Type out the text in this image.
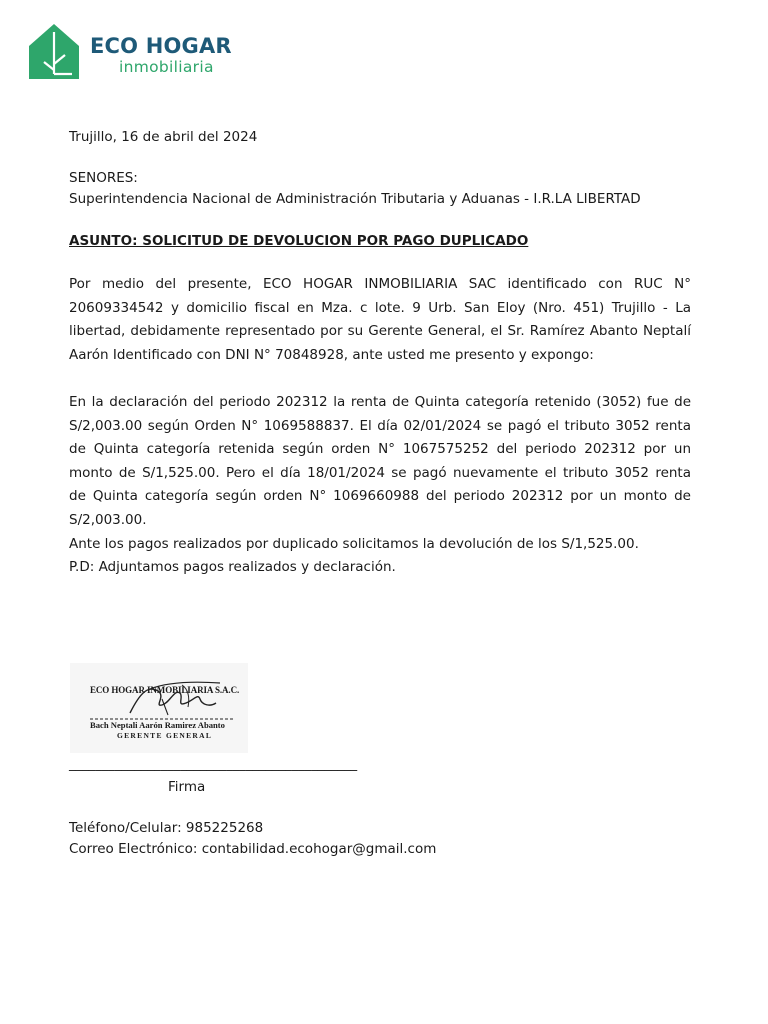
ECO HOGAR
inmobiliaria
Trujillo, 16 de abril del 2024
SENORES:
Superintendencia Nacional de Administración Tributaria y Aduanas - I.R.LA LIBERTAD
ASUNTO: SOLICITUD DE DEVOLUCION POR PAGO DUPLICADO
Por medio del presente, ECO HOGAR INMOBILIARIA SAC identificado con RUC N°
20609334542 y domicilio fiscal en Mza. c lote. 9 Urb. San Eloy (Nro. 451) Trujillo - La
libertad, debidamente representado por su Gerente General, el Sr. Ramírez Abanto Neptalí
Aarón Identificado con DNI N° 70848928, ante usted me presento y expongo:
En la declaración del periodo 202312 la renta de Quinta categoría retenido (3052) fue de
S/2,003.00 según Orden N° 1069588837. El día 02/01/2024 se pagó el tributo 3052 renta
de Quinta categoría retenida según orden N° 1067575252 del periodo 202312 por un
monto de S/1,525.00. Pero el día 18/01/2024 se pagó nuevamente el tributo 3052 renta
de Quinta categoría según orden N° 1069660988 del periodo 202312 por un monto de
S/2,003.00.
Ante los pagos realizados por duplicado solicitamos la devolución de los S/1,525.00.
P.D: Adjuntamos pagos realizados y declaración.
ECO HOGAR INMOBILIARIA S.A.C.
Bach Neptali Aarón Ramirez Abanto
GERENTE GENERAL
____________________________________________
Firma
Teléfono/Celular: 985225268
Correo Electrónico: contabilidad.ecohogar@gmail.com
